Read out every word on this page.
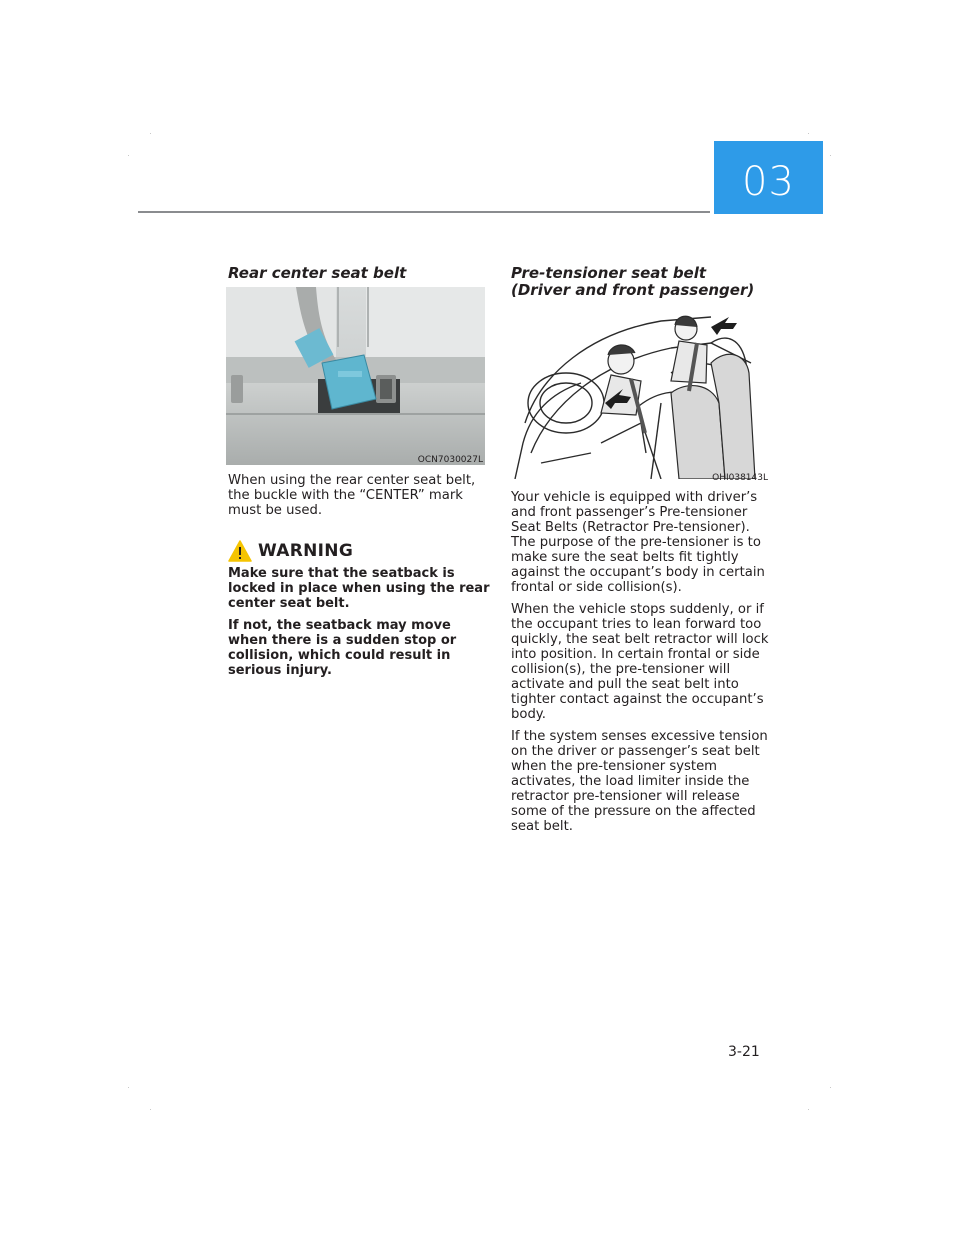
03
Rear center seat belt
OCN7030027L

When using the rear center seat belt, the buckle with the “CENTER” mark must be used.

WARNING

Make sure that the seatback is locked in place when using the rear center seat belt.

If not, the seatback may move when there is a sudden stop or collision, which could result in serious injury.

Pre-tensioner seat belt
(Driver and front passenger)
OHI038143L

Your vehicle is equipped with driver’s and front passenger’s Pre-tensioner Seat Belts (Retractor Pre-tensioner). The purpose of the pre-tensioner is to make sure the seat belts fit tightly against the occupant’s body in certain frontal or side collision(s).

When the vehicle stops suddenly, or if the occupant tries to lean forward too quickly, the seat belt retractor will lock into position. In certain frontal or side collision(s), the pre-tensioner will activate and pull the seat belt into tighter contact against the occupant’s body.

If the system senses excessive tension on the driver or passenger’s seat belt when the pre-tensioner system activates, the load limiter inside the retractor pre-tensioner will release some of the pressure on the affected seat belt.

3-21
